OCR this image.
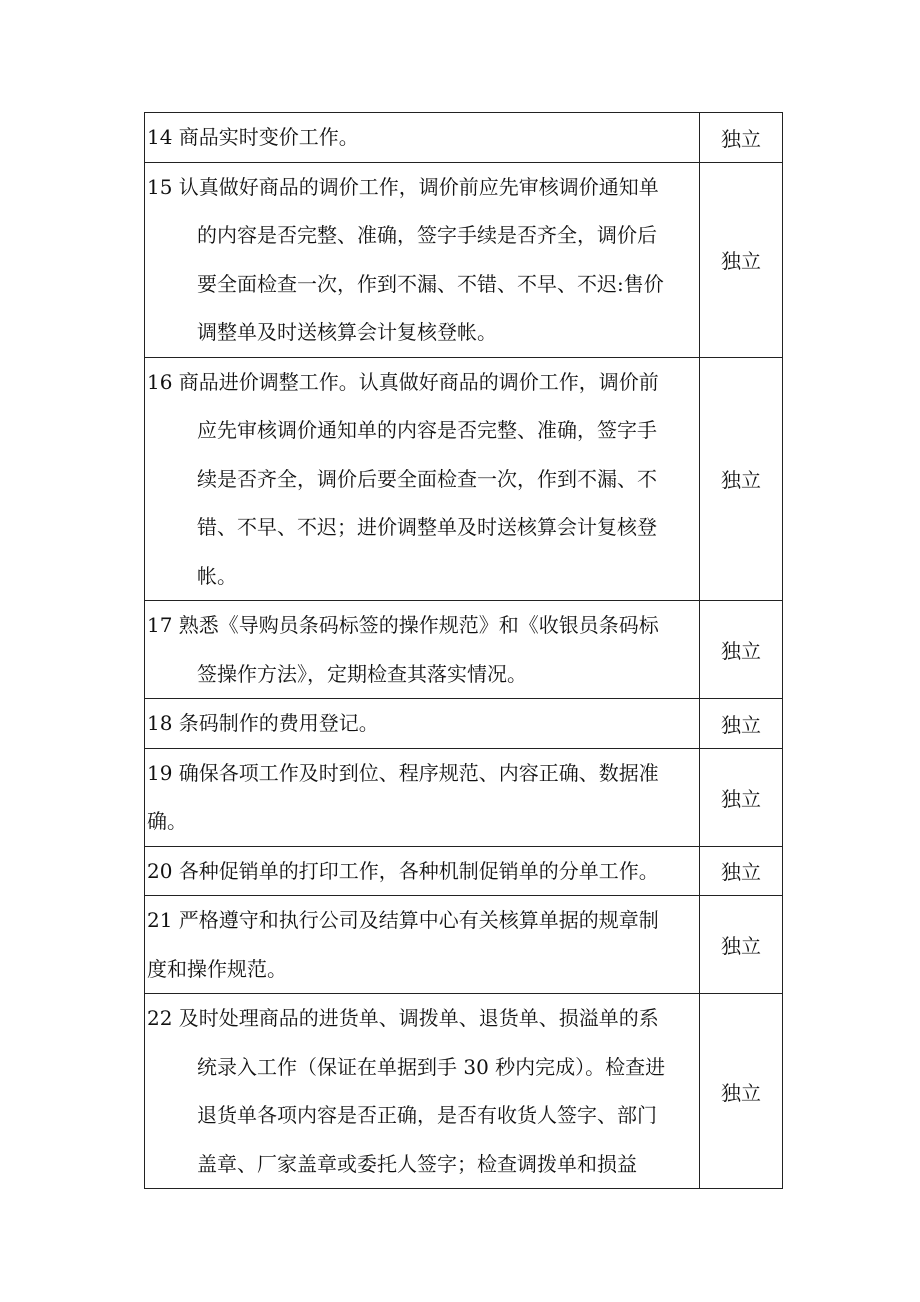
14 商品实时变价工作。	独立

15 认真做好商品的调价工作，调价前应先审核调价通知单
的内容是否完整、准确，签字手续是否齐全，调价后
要全面检查一次，作到不漏、不错、不早、不迟:售价
调整单及时送核算会计复核登帐。	独立

16 商品进价调整工作。认真做好商品的调价工作，调价前
应先审核调价通知单的内容是否完整、准确，签字手
续是否齐全，调价后要全面检查一次，作到不漏、不
错、不早、不迟；进价调整单及时送核算会计复核登
帐。	独立

17 熟悉《导购员条码标签的操作规范》和《收银员条码标
签操作方法》，定期检查其落实情况。	独立

18 条码制作的费用登记。	独立

19 确保各项工作及时到位、程序规范、内容正确、数据准
确。	独立

20 各种促销单的打印工作，各种机制促销单的分单工作。	独立

21 严格遵守和执行公司及结算中心有关核算单据的规章制
度和操作规范。	独立

22 及时处理商品的进货单、调拨单、退货单、损溢单的系
统录入工作（保证在单据到手 30 秒内完成）。检查进
退货单各项内容是否正确，是否有收货人签字、部门
盖章、厂家盖章或委托人签字；检查调拨单和损益	独立
